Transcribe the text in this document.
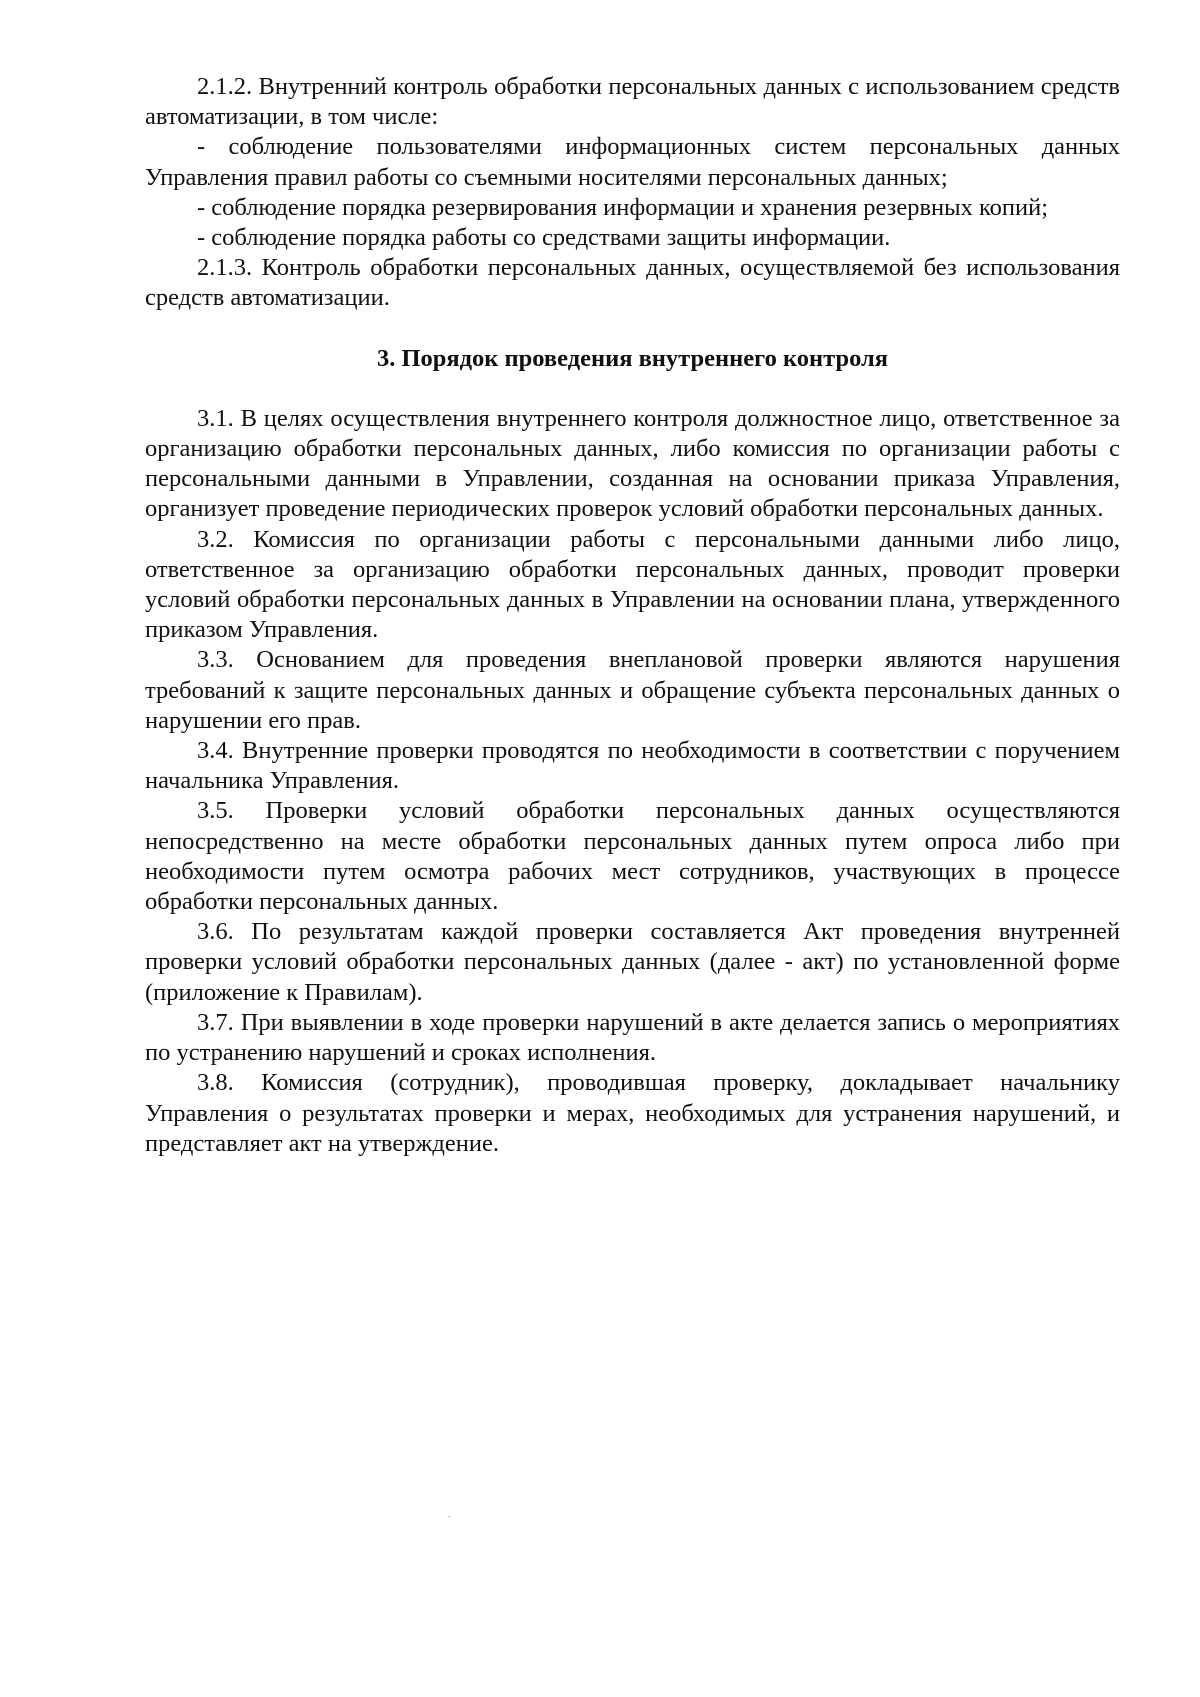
2.1.2. Внутренний контроль обработки персональных данных с использованием средств автоматизации, в том числе:

- соблюдение пользователями информационных систем персональных данных Управления правил работы со съемными носителями персональных данных;

- соблюдение порядка резервирования информации и хранения резервных копий;

- соблюдение порядка работы со средствами защиты информации.

2.1.3. Контроль обработки персональных данных, осуществляемой без использования средств автоматизации.

3. Порядок проведения внутреннего контроля

3.1. В целях осуществления внутреннего контроля должностное лицо, ответственное за организацию обработки персональных данных, либо комиссия по организации работы с персональными данными в Управлении, созданная на основании приказа Управления, организует проведение периодических проверок условий обработки персональных данных.

3.2. Комиссия по организации работы с персональными данными либо лицо, ответственное за организацию обработки персональных данных, проводит проверки условий обработки персональных данных в Управлении на основании плана, утвержденного приказом Управления.

3.3. Основанием для проведения внеплановой проверки являются нарушения требований к защите персональных данных и обращение субъекта персональных данных о нарушении его прав.

3.4. Внутренние проверки проводятся по необходимости в соответствии с поручением начальника Управления.

3.5. Проверки условий обработки персональных данных осуществляются непосредственно на месте обработки персональных данных путем опроса либо при необходимости путем осмотра рабочих мест сотрудников, участвующих в процессе обработки персональных данных.

3.6. По результатам каждой проверки составляется Акт проведения внутренней проверки условий обработки персональных данных (далее - акт) по установленной форме (приложение к Правилам).

3.7. При выявлении в ходе проверки нарушений в акте делается запись о мероприятиях по устранению нарушений и сроках исполнения.

3.8. Комиссия (сотрудник), проводившая проверку, докладывает начальнику Управления о результатах проверки и мерах, необходимых для устранения нарушений, и представляет акт на утверждение.
